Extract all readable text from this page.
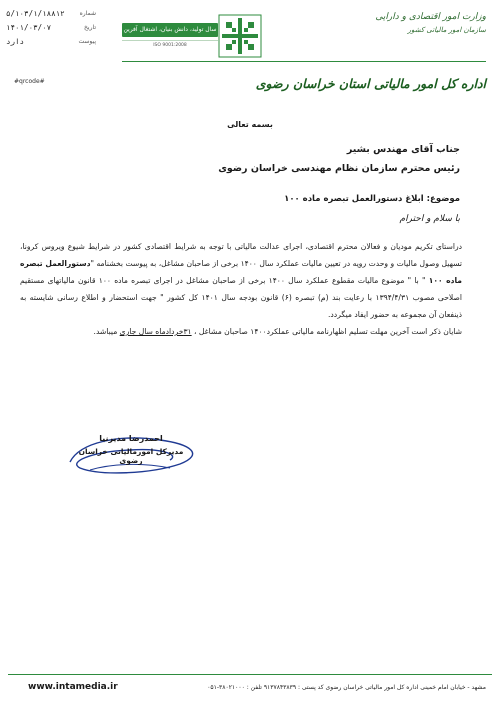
۵/۱۰۳/۱/۱۸۸۱۲ شماره
۱۴۰۱/۰۳/۰۷	تاریخ
دارد	پیوست
#qrcode#
سال تولید، دانش بنیان، اشتغال آفرین
ISO 9001:2008
وزارت امور اقتصادی و دارایی
سازمان امور مالیاتی کشور
اداره کل امور مالیاتی استان خراسان رضوی
بسمه تعالی
جناب آقای مهندس بشیر
رئیس محترم سازمان نظام مهندسی خراسان رضوی
موضوع: ابلاغ دستورالعمل تبصره ماده ۱۰۰
با سلام و احترام
دراستای تکریم مودیان و فعالان محترم اقتصادی، اجرای عدالت مالیاتی با توجه به شرایط اقتصادی کشور در شرایط شیوع ویروس کرونا، تسهیل وصول مالیات و وحدت رویه در تعیین مالیات عملکرد سال ۱۴۰۰ برخی از صاحبان مشاغل، به پیوست بخشنامه "دستورالعمل تبصره ماده ۱۰۰ " با " موضوع مالیات مقطوع عملکرد سال ۱۴۰۰ برخی از صاحبان مشاغل در اجرای تبصره ماده ۱۰۰ قانون مالیاتهای مستقیم اصلاحی مصوب ۱۳۹۴/۴/۳۱ با رعایت بند (م) تبصره (۶) قانون بودجه سال ۱۴۰۱ کل کشور " جهت استحضار و اطلاع رسانی شایسته به ذینفعان آن مجموعه به حضور ایفاد میگردد.
شایان ذکر است آخرین مهلت تسلیم اظهارنامه مالیاتی عملکرد۱۴۰۰ صاحبان مشاغل ، ۳۱خردادماه سال جاری میباشد.
احمدرضا مدیرنیا
مدیرکل امورمالیاتی خراسان رضوی
www.intamedia.ir	مشهد - خیابان امام خمینی اداره کل امور مالیاتی خراسان رضوی کد پستی : ۹۱۳۷۸۴۳۸۳۹ تلفن : ۳۸۰۲۱۰۰۰-۰۵۱
